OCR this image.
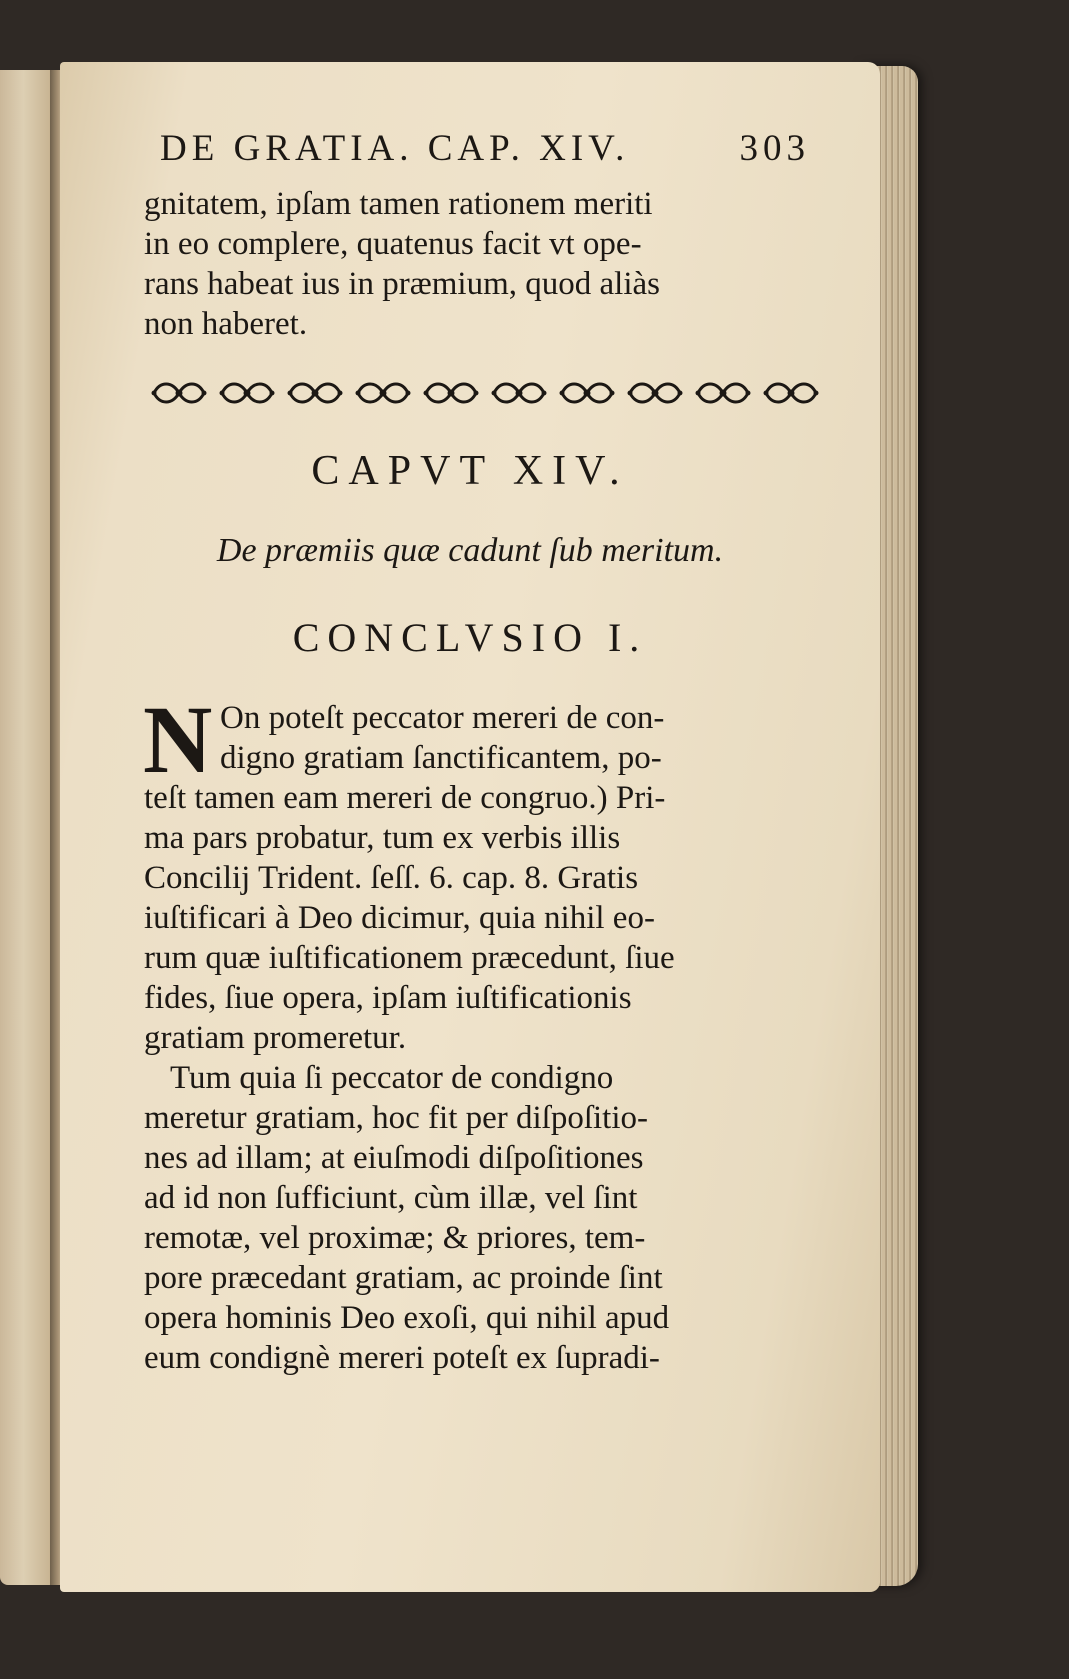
DE GRATIA. CAP. XIV.	303
gnitatem, ipſam tamen rationem meriti
in eo complere, quatenus facit vt ope-
rans habeat ius in præmium, quod aliàs
non haberet.
CAPVT XIV.
De præmiis quæ cadunt ſub meritum.
CONCLVSIO I.
N On poteſt peccator mereri de con-
digno gratiam ſanctificantem, po-
teſt tamen eam mereri de congruo.) Pri-
ma pars probatur, tum ex verbis illis
Concilij Trident. ſeſſ. 6. cap. 8. Gratis
iuſtificari à Deo dicimur, quia nihil eo-
rum quæ iuſtificationem præcedunt, ſiue
fides, ſiue opera, ipſam iuſtificationis
gratiam promeretur.
Tum quia ſi peccator de condigno
meretur gratiam, hoc fit per diſpoſitio-
nes ad illam; at eiuſmodi diſpoſitiones
ad id non ſufficiunt, cùm illæ, vel ſint
remotæ, vel proximæ; & priores, tem-
pore præcedant gratiam, ac proinde ſint
opera hominis Deo exoſi, qui nihil apud
eum condignè mereri poteſt ex ſupradi-
